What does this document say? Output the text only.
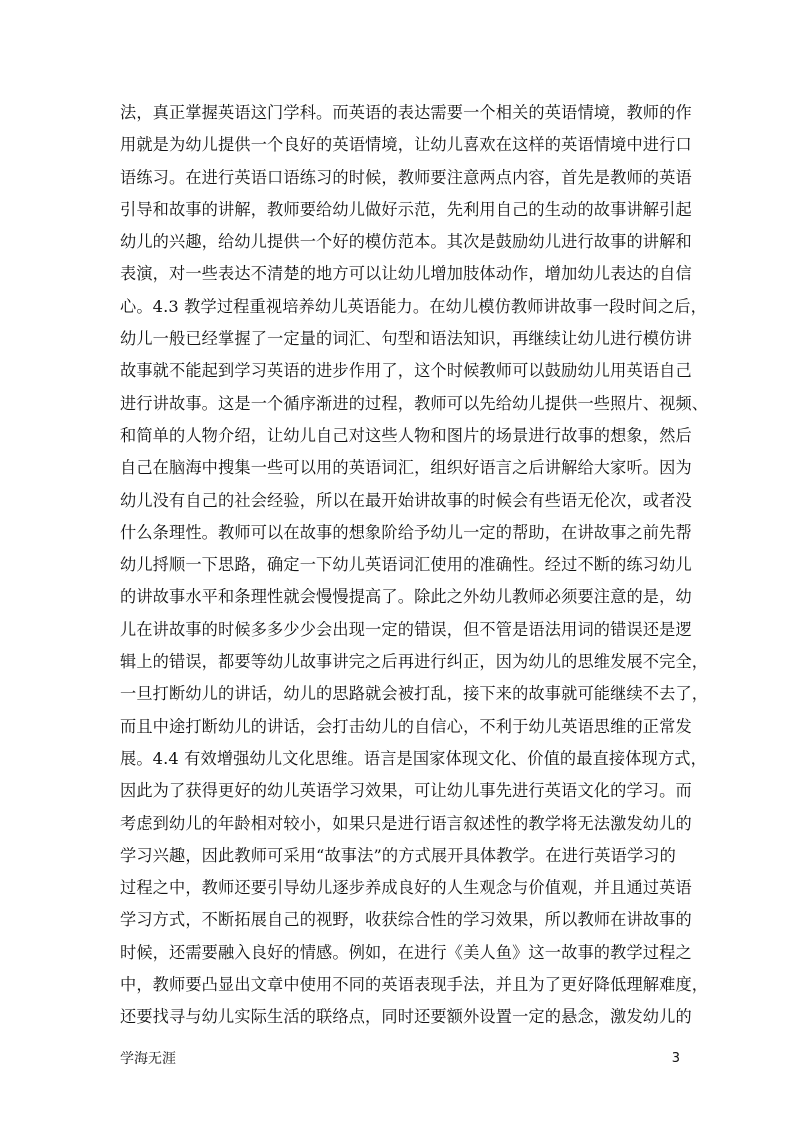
法，真正掌握英语这门学科。而英语的表达需要一个相关的英语情境，教师的作
用就是为幼儿提供一个良好的英语情境，让幼儿喜欢在这样的英语情境中进行口
语练习。在进行英语口语练习的时候，教师要注意两点内容，首先是教师的英语
引导和故事的讲解，教师要给幼儿做好示范，先利用自己的生动的故事讲解引起
幼儿的兴趣，给幼儿提供一个好的模仿范本。其次是鼓励幼儿进行故事的讲解和
表演，对一些表达不清楚的地方可以让幼儿增加肢体动作，增加幼儿表达的自信
心。4.3 教学过程重视培养幼儿英语能力。在幼儿模仿教师讲故事一段时间之后，
幼儿一般已经掌握了一定量的词汇、句型和语法知识，再继续让幼儿进行模仿讲
故事就不能起到学习英语的进步作用了，这个时候教师可以鼓励幼儿用英语自己
进行讲故事。这是一个循序渐进的过程，教师可以先给幼儿提供一些照片、视频、
和简单的人物介绍，让幼儿自己对这些人物和图片的场景进行故事的想象，然后
自己在脑海中搜集一些可以用的英语词汇，组织好语言之后讲解给大家听。因为
幼儿没有自己的社会经验，所以在最开始讲故事的时候会有些语无伦次，或者没
什么条理性。教师可以在故事的想象阶给予幼儿一定的帮助，在讲故事之前先帮
幼儿捋顺一下思路，确定一下幼儿英语词汇使用的准确性。经过不断的练习幼儿
的讲故事水平和条理性就会慢慢提高了。除此之外幼儿教师必须要注意的是，幼
儿在讲故事的时候多多少少会出现一定的错误，但不管是语法用词的错误还是逻
辑上的错误，都要等幼儿故事讲完之后再进行纠正，因为幼儿的思维发展不完全，
一旦打断幼儿的讲话，幼儿的思路就会被打乱，接下来的故事就可能继续不去了，
而且中途打断幼儿的讲话，会打击幼儿的自信心，不利于幼儿英语思维的正常发
展。4.4 有效增强幼儿文化思维。语言是国家体现文化、价值的最直接体现方式，
因此为了获得更好的幼儿英语学习效果，可让幼儿事先进行英语文化的学习。而
考虑到幼儿的年龄相对较小，如果只是进行语言叙述性的教学将无法激发幼儿的
学习兴趣，因此教师可采用“故事法”的方式展开具体教学。在进行英语学习的
过程之中，教师还要引导幼儿逐步养成良好的人生观念与价值观，并且通过英语
学习方式，不断拓展自己的视野，收获综合性的学习效果，所以教师在讲故事的
时候，还需要融入良好的情感。例如，在进行《美人鱼》这一故事的教学过程之
中，教师要凸显出文章中使用不同的英语表现手法，并且为了更好降低理解难度，
还要找寻与幼儿实际生活的联络点，同时还要额外设置一定的悬念，激发幼儿的
学海无涯	3
